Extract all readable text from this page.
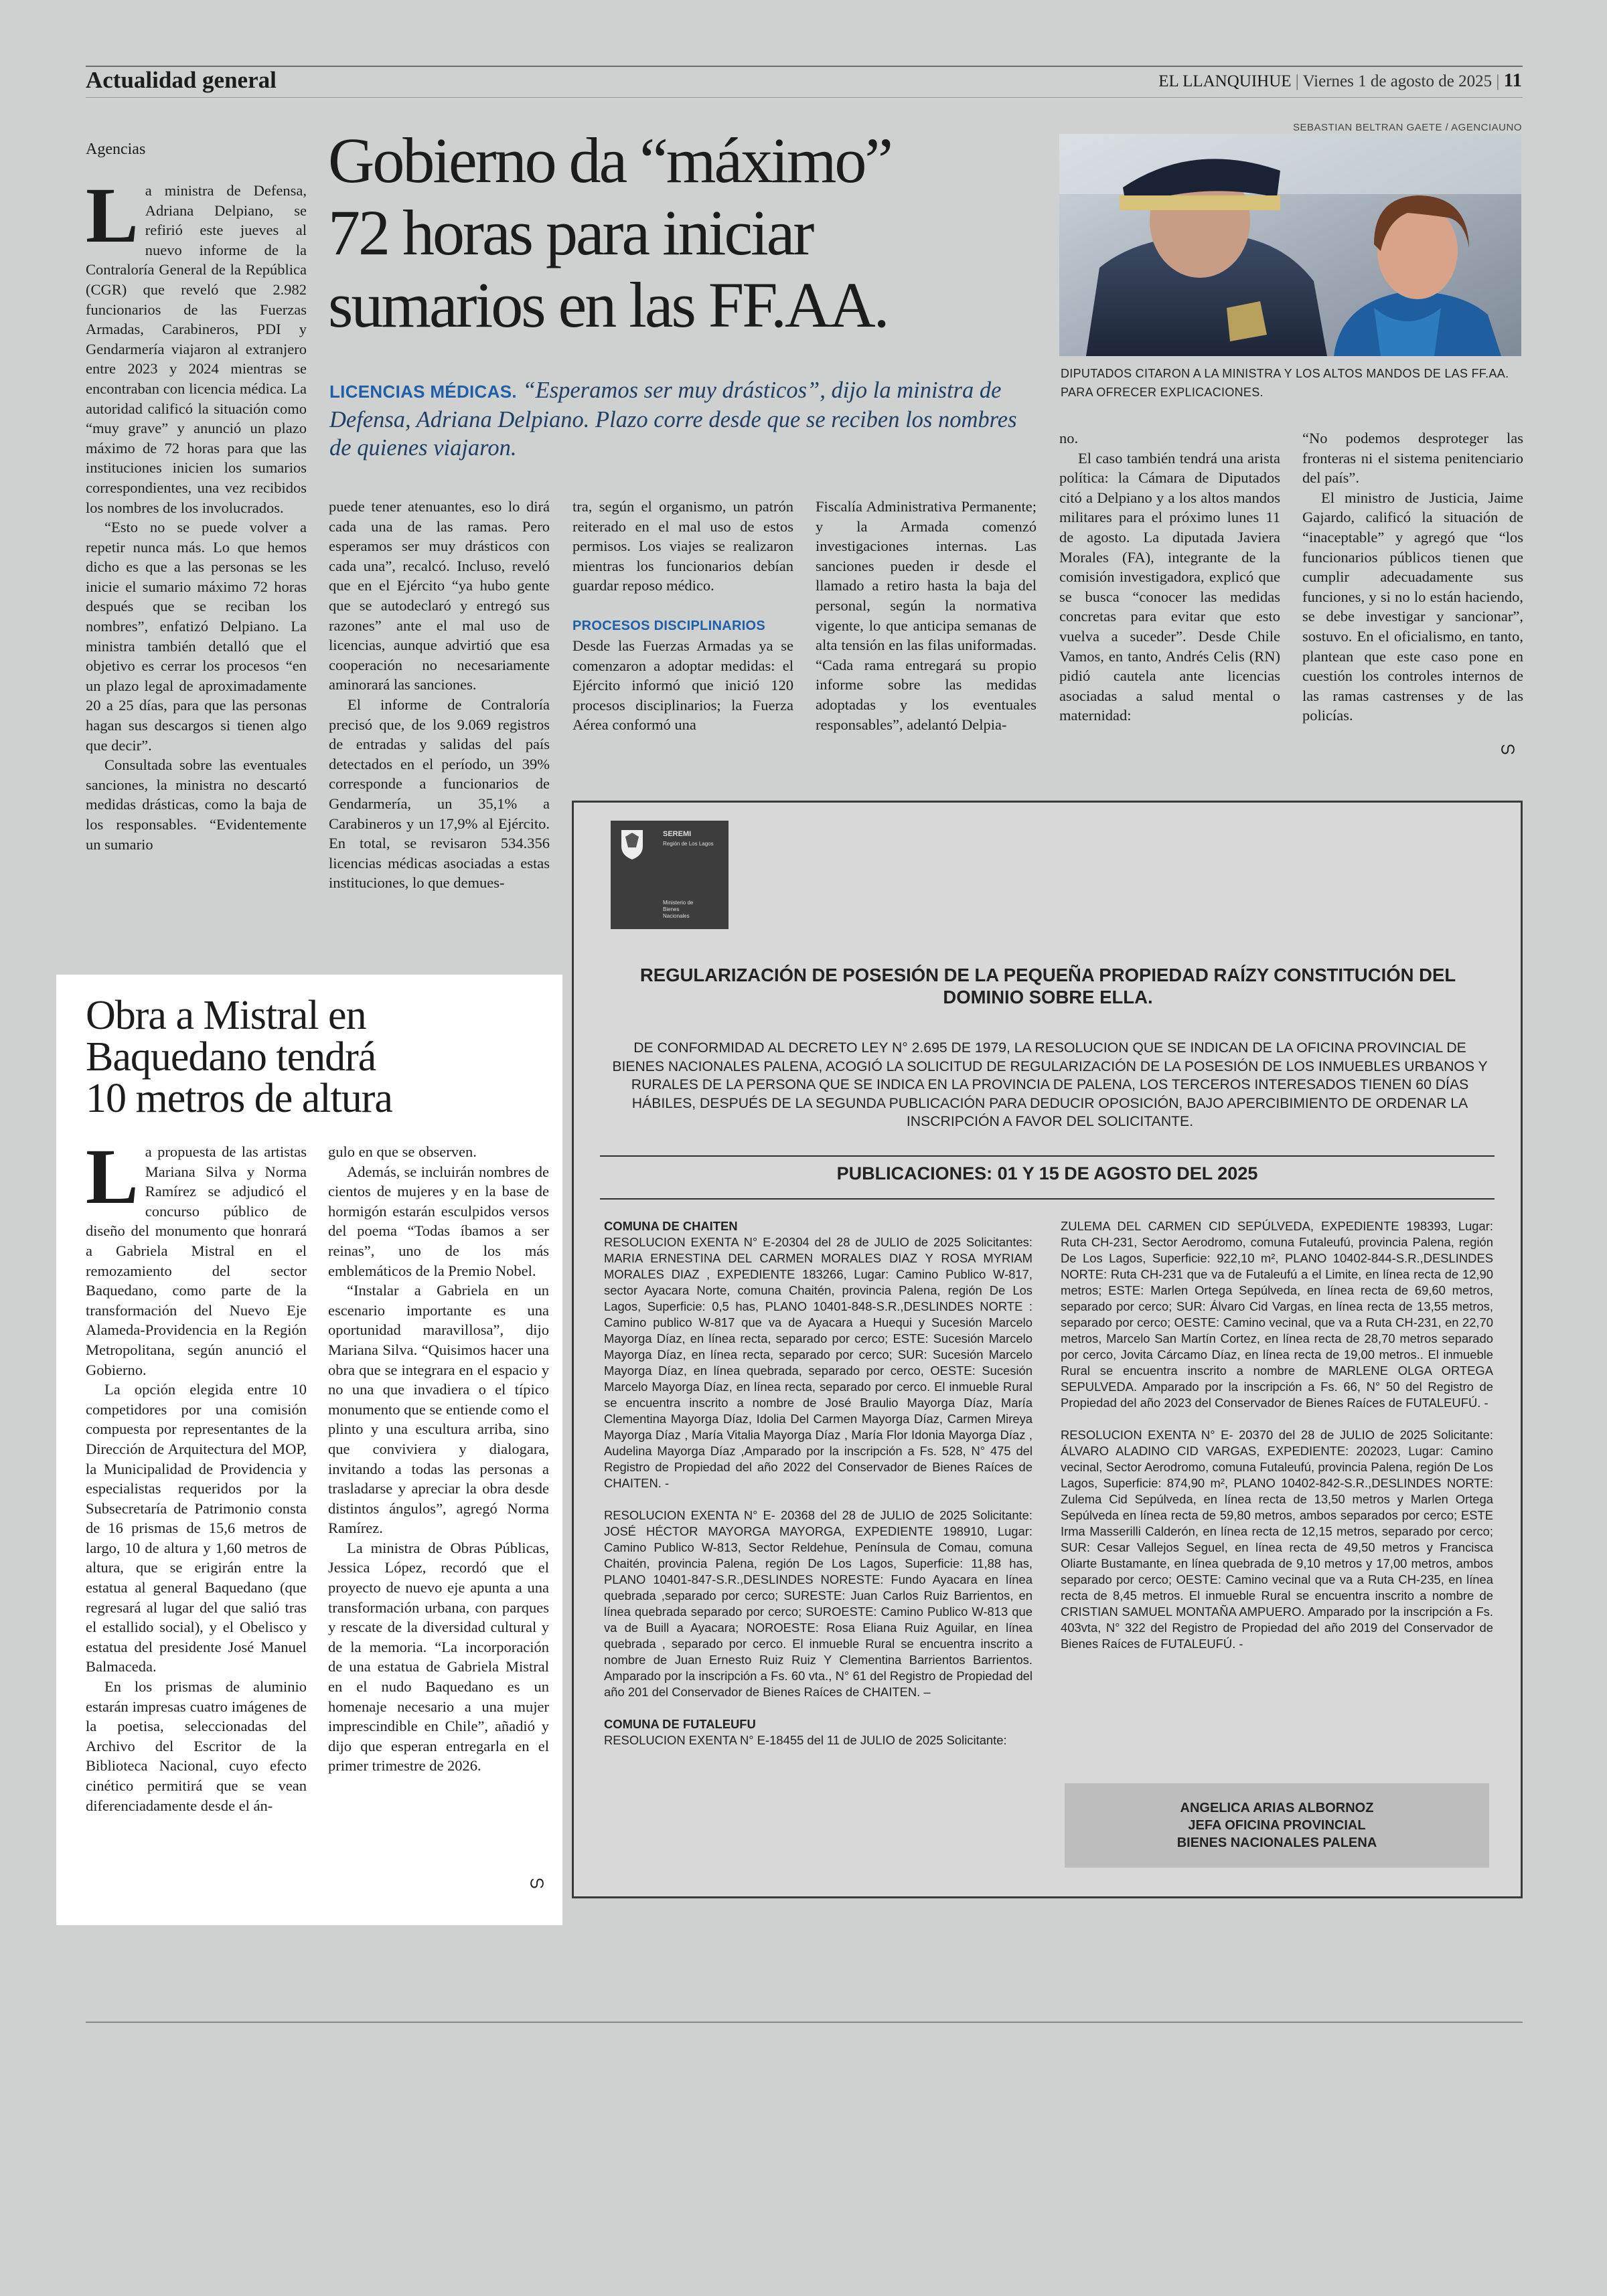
Actualidad general	EL LLANQUIHUE | Viernes 1 de agosto de 2025 | 11
Agencias	Gobierno da “máximo”
72 horas para iniciar
sumarios en las FF.AA.
LICENCIAS MÉDICAS. “Esperamos ser muy drásticos”, dijo la ministra de Defensa, Adriana Delpiano. Plazo corre desde que se reciben los nombres de quienes viajaron.
SEBASTIAN BELTRAN GAETE / AGENCIAUNO
DIPUTADOS CITARON A LA MINISTRA Y LOS ALTOS MANDOS DE LAS FF.AA. PARA OFRECER EXPLICACIONES.

La ministra de Defensa, Adriana Delpiano, se refirió este jueves al nuevo informe de la Contraloría General de la República (CGR) que reveló que 2.982 funcionarios de las Fuerzas Armadas, Carabineros, PDI y Gendarmería viajaron al extranjero entre 2023 y 2024 mientras se encontraban con licencia médica. La autoridad calificó la situación como “muy grave” y anunció un plazo máximo de 72 horas para que las instituciones inicien los sumarios correspondientes, una vez recibidos los nombres de los involucrados.

“Esto no se puede volver a repetir nunca más. Lo que hemos dicho es que a las personas se les inicie el sumario máximo 72 horas después que se reciban los nombres”, enfatizó Delpiano. La ministra también detalló que el objetivo es cerrar los procesos “en un plazo legal de aproximadamente 20 a 25 días, para que las personas hagan sus descargos si tienen algo que decir”.

Consultada sobre las eventuales sanciones, la ministra no descartó medidas drásticas, como la baja de los responsables. “Evidentemente un sumario

puede tener atenuantes, eso lo dirá cada una de las ramas. Pero esperamos ser muy drásticos con cada una”, recalcó. Incluso, reveló que en el Ejército “ya hubo gente que se autodeclaró y entregó sus razones” ante el mal uso de licencias, aunque advirtió que esa cooperación no necesariamente aminorará las sanciones.

El informe de Contraloría precisó que, de los 9.069 registros de entradas y salidas del país detectados en el período, un 39% corresponde a funcionarios de Gendarmería, un 35,1% a Carabineros y un 17,9% al Ejército. En total, se revisaron 534.356 licencias médicas asociadas a estas instituciones, lo que demues-

tra, según el organismo, un patrón reiterado en el mal uso de estos permisos. Los viajes se realizaron mientras los funcionarios debían guardar reposo médico.

PROCESOS DISCIPLINARIOS

Desde las Fuerzas Armadas ya se comenzaron a adoptar medidas: el Ejército informó que inició 120 procesos disciplinarios; la Fuerza Aérea conformó una

Fiscalía Administrativa Permanente; y la Armada comenzó investigaciones internas. Las sanciones pueden ir desde el llamado a retiro hasta la baja del personal, según la normativa vigente, lo que anticipa semanas de alta tensión en las filas uniformadas. “Cada rama entregará su propio informe sobre las medidas adoptadas y los eventuales responsables”, adelantó Delpia-

no.

El caso también tendrá una arista política: la Cámara de Diputados citó a Delpiano y a los altos mandos militares para el próximo lunes 11 de agosto. La diputada Javiera Morales (FA), integrante de la comisión investigadora, explicó que se busca “conocer las medidas concretas para evitar que esto vuelva a suceder”. Desde Chile Vamos, en tanto, Andrés Celis (RN) pidió cautela ante licencias asociadas a salud mental o maternidad:

“No podemos desproteger las fronteras ni el sistema penitenciario del país”.

El ministro de Justicia, Jaime Gajardo, calificó la situación de “inaceptable” y agregó que “los funcionarios públicos tienen que cumplir adecuadamente sus funciones, y si no lo están haciendo, se debe investigar y sancionar”, sostuvo. En el oficialismo, en tanto, plantean que este caso pone en cuestión los controles internos de las ramas castrenses y de las policías.

ഗ
Obra a Mistral en
Baquedano tendrá
10 metros de altura

La propuesta de las artistas Mariana Silva y Norma Ramírez se adjudicó el concurso público de diseño del monumento que honrará a Gabriela Mistral en el remozamiento del sector Baquedano, como parte de la transformación del Nuevo Eje Alameda-Providencia en la Región Metropolitana, según anunció el Gobierno.

La opción elegida entre 10 competidores por una comisión compuesta por representantes de la Dirección de Arquitectura del MOP, la Municipalidad de Providencia y especialistas requeridos por la Subsecretaría de Patrimonio consta de 16 prismas de 15,6 metros de largo, 10 de altura y 1,60 metros de altura, que se erigirán entre la estatua al general Baquedano (que regresará al lugar del que salió tras el estallido social), y el Obelisco y estatua del presidente José Manuel Balmaceda.

En los prismas de aluminio estarán impresas cuatro imágenes de la poetisa, seleccionadas del Archivo del Escritor de la Biblioteca Nacional, cuyo efecto cinético permitirá que se vean diferenciadamente desde el án-

gulo en que se observen.

Además, se incluirán nombres de cientos de mujeres y en la base de hormigón estarán esculpidos versos del poema “Todas íbamos a ser reinas”, uno de los más emblemáticos de la Premio Nobel.

“Instalar a Gabriela en un escenario importante es una oportunidad maravillosa”, dijo Mariana Silva. “Quisimos hacer una obra que se integrara en el espacio y no una que invadiera o el típico monumento que se entiende como el plinto y una escultura arriba, sino que conviviera y dialogara, invitando a todas las personas a trasladarse y apreciar la obra desde distintos ángulos”, agregó Norma Ramírez.

La ministra de Obras Públicas, Jessica López, recordó que el proyecto de nuevo eje apunta a una transformación urbana, con parques y rescate de la diversidad cultural y de la memoria. “La incorporación de una estatua de Gabriela Mistral en el nudo Baquedano es un homenaje necesario a una mujer imprescindible en Chile”, añadió y dijo que esperan entregarla en el primer trimestre de 2026.

ഗ
SEREMI
Región de Los Lagos
Ministerio de
Bienes
Nacionales
REGULARIZACIÓN DE POSESIÓN DE LA PEQUEÑA PROPIEDAD RAÍZY CONSTITUCIÓN DEL DOMINIO SOBRE ELLA.
DE CONFORMIDAD AL DECRETO LEY N° 2.695 DE 1979, LA RESOLUCION QUE SE INDICAN DE LA OFICINA PROVINCIAL DE BIENES NACIONALES PALENA, ACOGIÓ LA SOLICITUD DE REGULARIZACIÓN DE LA POSESIÓN DE LOS INMUEBLES URBANOS Y RURALES DE LA PERSONA QUE SE INDICA EN LA PROVINCIA DE PALENA, LOS TERCEROS INTERESADOS TIENEN 60 DÍAS HÁBILES, DESPUÉS DE LA SEGUNDA PUBLICACIÓN PARA DEDUCIR OPOSICIÓN, BAJO APERCIBIMIENTO DE ORDENAR LA INSCRIPCIÓN A FAVOR DEL SOLICITANTE.
PUBLICACIONES: 01 Y 15 DE AGOSTO DEL 2025

COMUNA DE CHAITEN

RESOLUCION EXENTA N° E-20304 del 28 de JULIO de 2025 Solicitantes: MARIA ERNESTINA DEL CARMEN MORALES DIAZ Y ROSA MYRIAM MORALES DIAZ , EXPEDIENTE 183266, Lugar: Camino Publico W-817, sector Ayacara Norte, comuna Chaitén, provincia Palena, región De Los Lagos, Superficie: 0,5 has, PLANO 10401-848-S.R.,DESLINDES NORTE : Camino publico W-817 que va de Ayacara a Huequi y Sucesión Marcelo Mayorga Díaz, en línea recta, separado por cerco; ESTE: Sucesión Marcelo Mayorga Díaz, en línea recta, separado por cerco; SUR: Sucesión Marcelo Mayorga Díaz, en línea quebrada, separado por cerco, OESTE: Sucesión Marcelo Mayorga Díaz, en línea recta, separado por cerco. El inmueble Rural se encuentra inscrito a nombre de José Braulio Mayorga Díaz, María Clementina Mayorga Díaz, Idolia Del Carmen Mayorga Díaz, Carmen Mireya Mayorga Díaz , María Vitalia Mayorga Díaz , María Flor Idonia Mayorga Díaz , Audelina Mayorga Díaz ,Amparado por la inscripción a Fs. 528, N° 475 del Registro de Propiedad del año 2022 del Conservador de Bienes Raíces de CHAITEN. -

RESOLUCION EXENTA N° E- 20368 del 28 de JULIO de 2025 Solicitante: JOSÉ HÉCTOR MAYORGA MAYORGA, EXPEDIENTE 198910, Lugar: Camino Publico W-813, Sector Reldehue, Península de Comau, comuna Chaitén, provincia Palena, región De Los Lagos, Superficie: 11,88 has, PLANO 10401-847-S.R.,DESLINDES NORESTE: Fundo Ayacara en línea quebrada ,separado por cerco; SURESTE: Juan Carlos Ruiz Barrientos, en línea quebrada separado por cerco; SUROESTE: Camino Publico W-813 que va de Buill a Ayacara; NOROESTE: Rosa Eliana Ruiz Aguilar, en línea quebrada , separado por cerco. El inmueble Rural se encuentra inscrito a nombre de Juan Ernesto Ruiz Ruiz Y Clementina Barrientos Barrientos. Amparado por la inscripción a Fs. 60 vta., N° 61 del Registro de Propiedad del año 201 del Conservador de Bienes Raíces de CHAITEN. –

COMUNA DE FUTALEUFU

RESOLUCION EXENTA N° E-18455 del 11 de JULIO de 2025 Solicitante:

ZULEMA DEL CARMEN CID SEPÚLVEDA, EXPEDIENTE 198393, Lugar: Ruta CH-231, Sector Aerodromo, comuna Futaleufú, provincia Palena, región De Los Lagos, Superficie: 922,10 m², PLANO 10402-844-S.R.,DESLINDES NORTE: Ruta CH-231 que va de Futaleufú a el Limite, en línea recta de 12,90 metros; ESTE: Marlen Ortega Sepúlveda, en línea recta de 69,60 metros, separado por cerco; SUR: Álvaro Cid Vargas, en línea recta de 13,55 metros, separado por cerco; OESTE: Camino vecinal, que va a Ruta CH-231, en 22,70 metros, Marcelo San Martín Cortez, en línea recta de 28,70 metros separado por cerco, Jovita Cárcamo Díaz, en línea recta de 19,00 metros.. El inmueble Rural se encuentra inscrito a nombre de MARLENE OLGA ORTEGA SEPULVEDA. Amparado por la inscripción a Fs. 66, N° 50 del Registro de Propiedad del año 2023 del Conservador de Bienes Raíces de FUTALEUFÚ. -

RESOLUCION EXENTA N° E- 20370 del 28 de JULIO de 2025 Solicitante: ÁLVARO ALADINO CID VARGAS, EXPEDIENTE: 202023, Lugar: Camino vecinal, Sector Aerodromo, comuna Futaleufú, provincia Palena, región De Los Lagos, Superficie: 874,90 m², PLANO 10402-842-S.R.,DESLINDES NORTE: Zulema Cid Sepúlveda, en línea recta de 13,50 metros y Marlen Ortega Sepúlveda en línea recta de 59,80 metros, ambos separados por cerco; ESTE Irma Masserilli Calderón, en línea recta de 12,15 metros, separado por cerco; SUR: Cesar Vallejos Seguel, en línea recta de 49,50 metros y Francisca Oliarte Bustamante, en línea quebrada de 9,10 metros y 17,00 metros, ambos separado por cerco; OESTE: Camino vecinal que va a Ruta CH-235, en línea recta de 8,45 metros. El inmueble Rural se encuentra inscrito a nombre de CRISTIAN SAMUEL MONTAÑA AMPUERO. Amparado por la inscripción a Fs. 403vta, N° 322 del Registro de Propiedad del año 2019 del Conservador de Bienes Raíces de FUTALEUFÚ. -

ANGELICA ARIAS ALBORNOZ
JEFA OFICINA PROVINCIAL
BIENES NACIONALES PALENA
